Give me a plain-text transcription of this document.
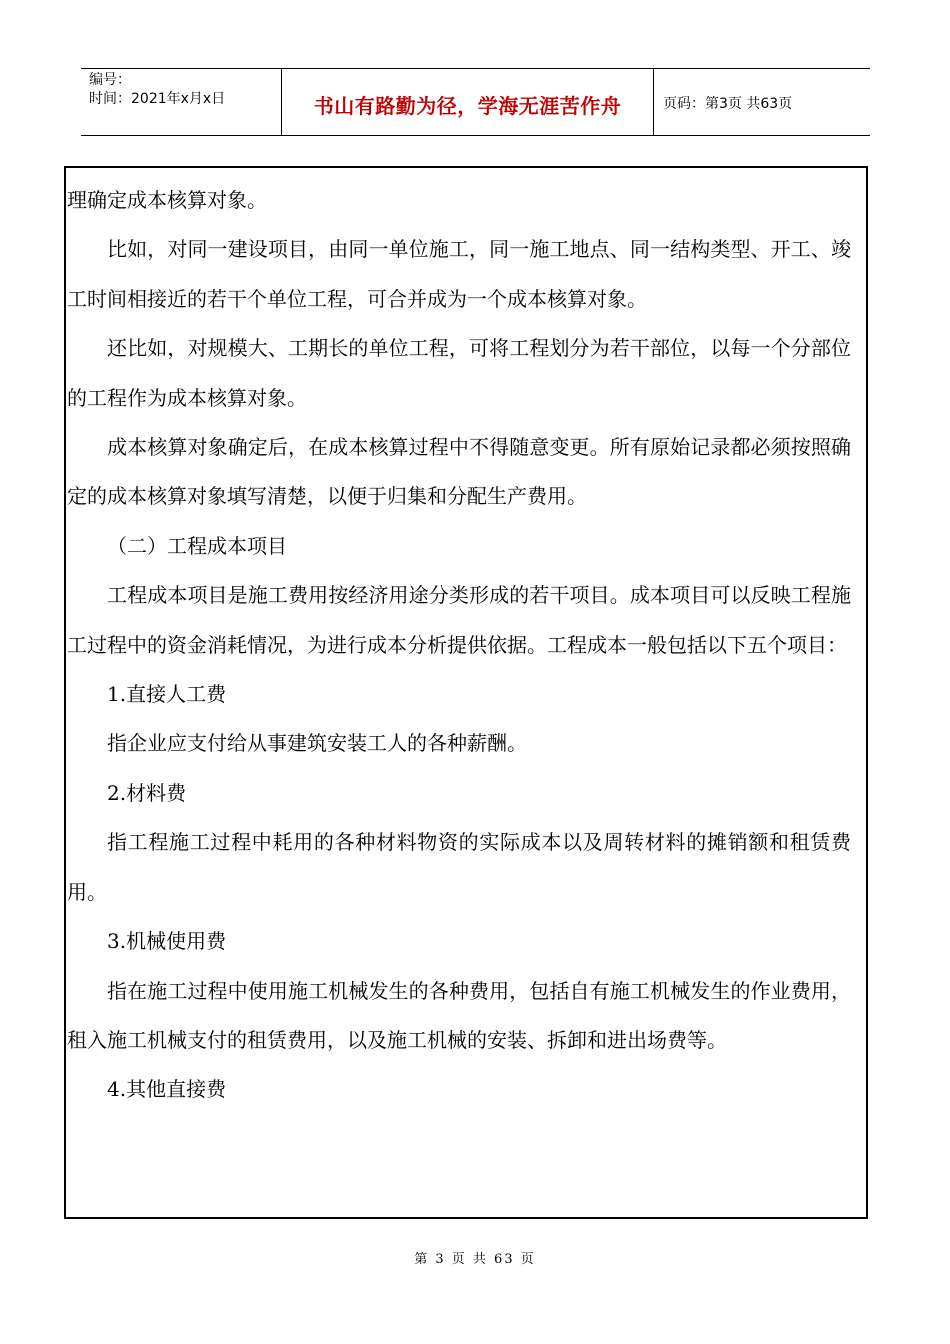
编号：
时间：2021年x月x日	书山有路勤为径，学海无涯苦作舟	页码：第3页 共63页

理确定成本核算对象。

比如，对同一建设项目，由同一单位施工，同一施工地点、同一结构类型、开工、竣工时间相接近的若干个单位工程，可合并成为一个成本核算对象。

还比如，对规模大、工期长的单位工程，可将工程划分为若干部位，以每一个分部位的工程作为成本核算对象。

成本核算对象确定后，在成本核算过程中不得随意变更。所有原始记录都必须按照确定的成本核算对象填写清楚，以便于归集和分配生产费用。

（二）工程成本项目

工程成本项目是施工费用按经济用途分类形成的若干项目。成本项目可以反映工程施工过程中的资金消耗情况，为进行成本分析提供依据。工程成本一般包括以下五个项目：

1.直接人工费

指企业应支付给从事建筑安装工人的各种薪酬。

2.材料费

指工程施工过程中耗用的各种材料物资的实际成本以及周转材料的摊销额和租赁费用。

3.机械使用费

指在施工过程中使用施工机械发生的各种费用，包括自有施工机械发生的作业费用，租入施工机械支付的租赁费用，以及施工机械的安装、拆卸和进出场费等。

4.其他直接费

第 3 页 共 63 页
